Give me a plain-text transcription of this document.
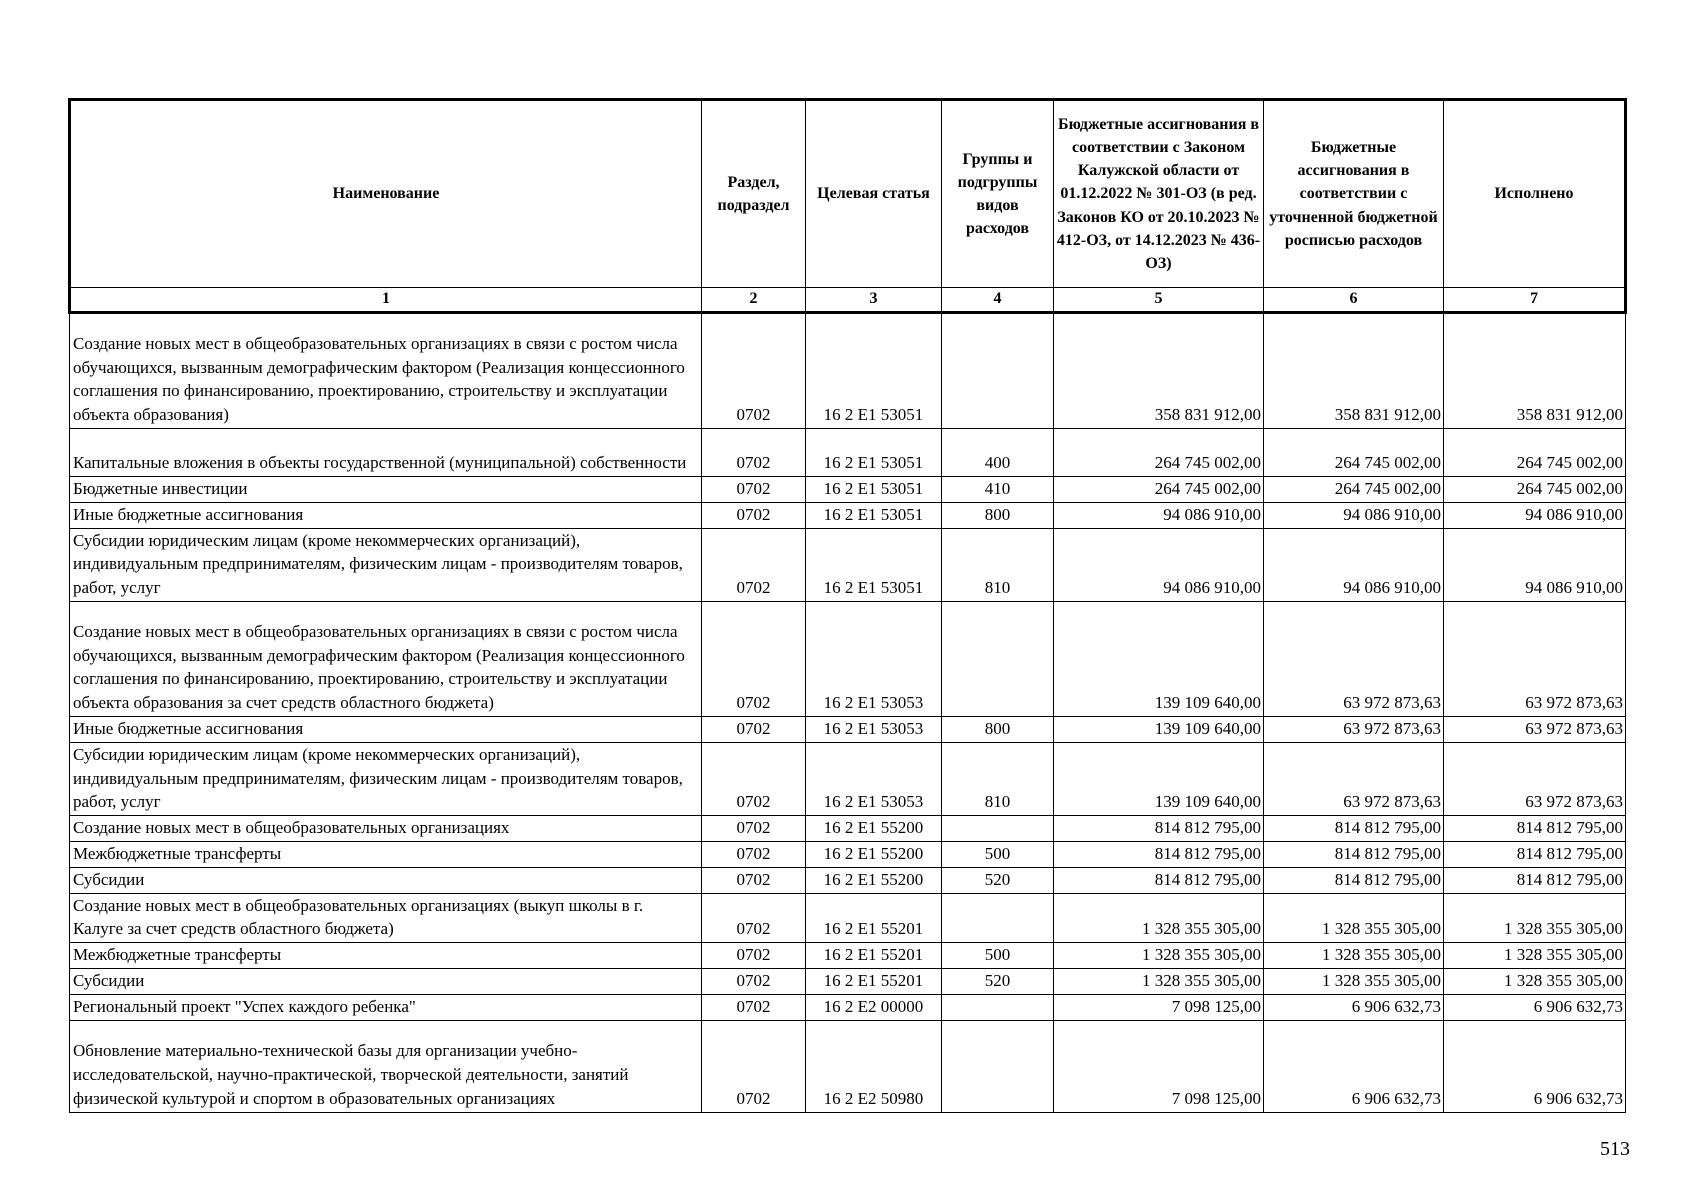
Наименование	Раздел, подраздел	Целевая статья	Группы и подгруппы видов расходов	Бюджетные ассигнования в соответствии с Законом Калужской области от 01.12.2022 № 301-ОЗ (в ред. Законов КО от 20.10.2023 № 412-ОЗ, от 14.12.2023 № 436-ОЗ)	Бюджетные ассигнования в соответствии с уточненной бюджетной росписью расходов	Исполнено
1	2	3	4	5	6	7
Создание новых мест в общеобразовательных организациях в связи с ростом числа обучающихся, вызванным демографическим фактором (Реализация концессионного соглашения по финансированию, проектированию, строительству и эксплуатации объекта образования)	0702	16 2 E1 53051		358 831 912,00	358 831 912,00	358 831 912,00
Капитальные вложения в объекты государственной (муниципальной) собственности	0702	16 2 E1 53051	400	264 745 002,00	264 745 002,00	264 745 002,00
Бюджетные инвестиции	0702	16 2 E1 53051	410	264 745 002,00	264 745 002,00	264 745 002,00
Иные бюджетные ассигнования	0702	16 2 E1 53051	800	94 086 910,00	94 086 910,00	94 086 910,00
Субсидии юридическим лицам (кроме некоммерческих организаций), индивидуальным предпринимателям, физическим лицам - производителям товаров, работ, услуг	0702	16 2 E1 53051	810	94 086 910,00	94 086 910,00	94 086 910,00
Создание новых мест в общеобразовательных организациях в связи с ростом числа обучающихся, вызванным демографическим фактором (Реализация концессионного соглашения по финансированию, проектированию, строительству и эксплуатации объекта образования за счет средств областного бюджета)	0702	16 2 E1 53053		139 109 640,00	63 972 873,63	63 972 873,63
Иные бюджетные ассигнования	0702	16 2 E1 53053	800	139 109 640,00	63 972 873,63	63 972 873,63
Субсидии юридическим лицам (кроме некоммерческих организаций), индивидуальным предпринимателям, физическим лицам - производителям товаров, работ, услуг	0702	16 2 E1 53053	810	139 109 640,00	63 972 873,63	63 972 873,63
Создание новых мест в общеобразовательных организациях	0702	16 2 E1 55200		814 812 795,00	814 812 795,00	814 812 795,00
Межбюджетные трансферты	0702	16 2 E1 55200	500	814 812 795,00	814 812 795,00	814 812 795,00
Субсидии	0702	16 2 E1 55200	520	814 812 795,00	814 812 795,00	814 812 795,00
Создание новых мест в общеобразовательных организациях (выкуп школы в г. Калуге за счет средств областного бюджета)	0702	16 2 E1 55201		1 328 355 305,00	1 328 355 305,00	1 328 355 305,00
Межбюджетные трансферты	0702	16 2 E1 55201	500	1 328 355 305,00	1 328 355 305,00	1 328 355 305,00
Субсидии	0702	16 2 E1 55201	520	1 328 355 305,00	1 328 355 305,00	1 328 355 305,00
Региональный проект "Успех каждого ребенка"	0702	16 2 E2 00000		7 098 125,00	6 906 632,73	6 906 632,73
Обновление материально-технической базы для организации учебно-исследовательской, научно-практической, творческой деятельности, занятий физической культурой и спортом в образовательных организациях	0702	16 2 E2 50980		7 098 125,00	6 906 632,73	6 906 632,73
513
